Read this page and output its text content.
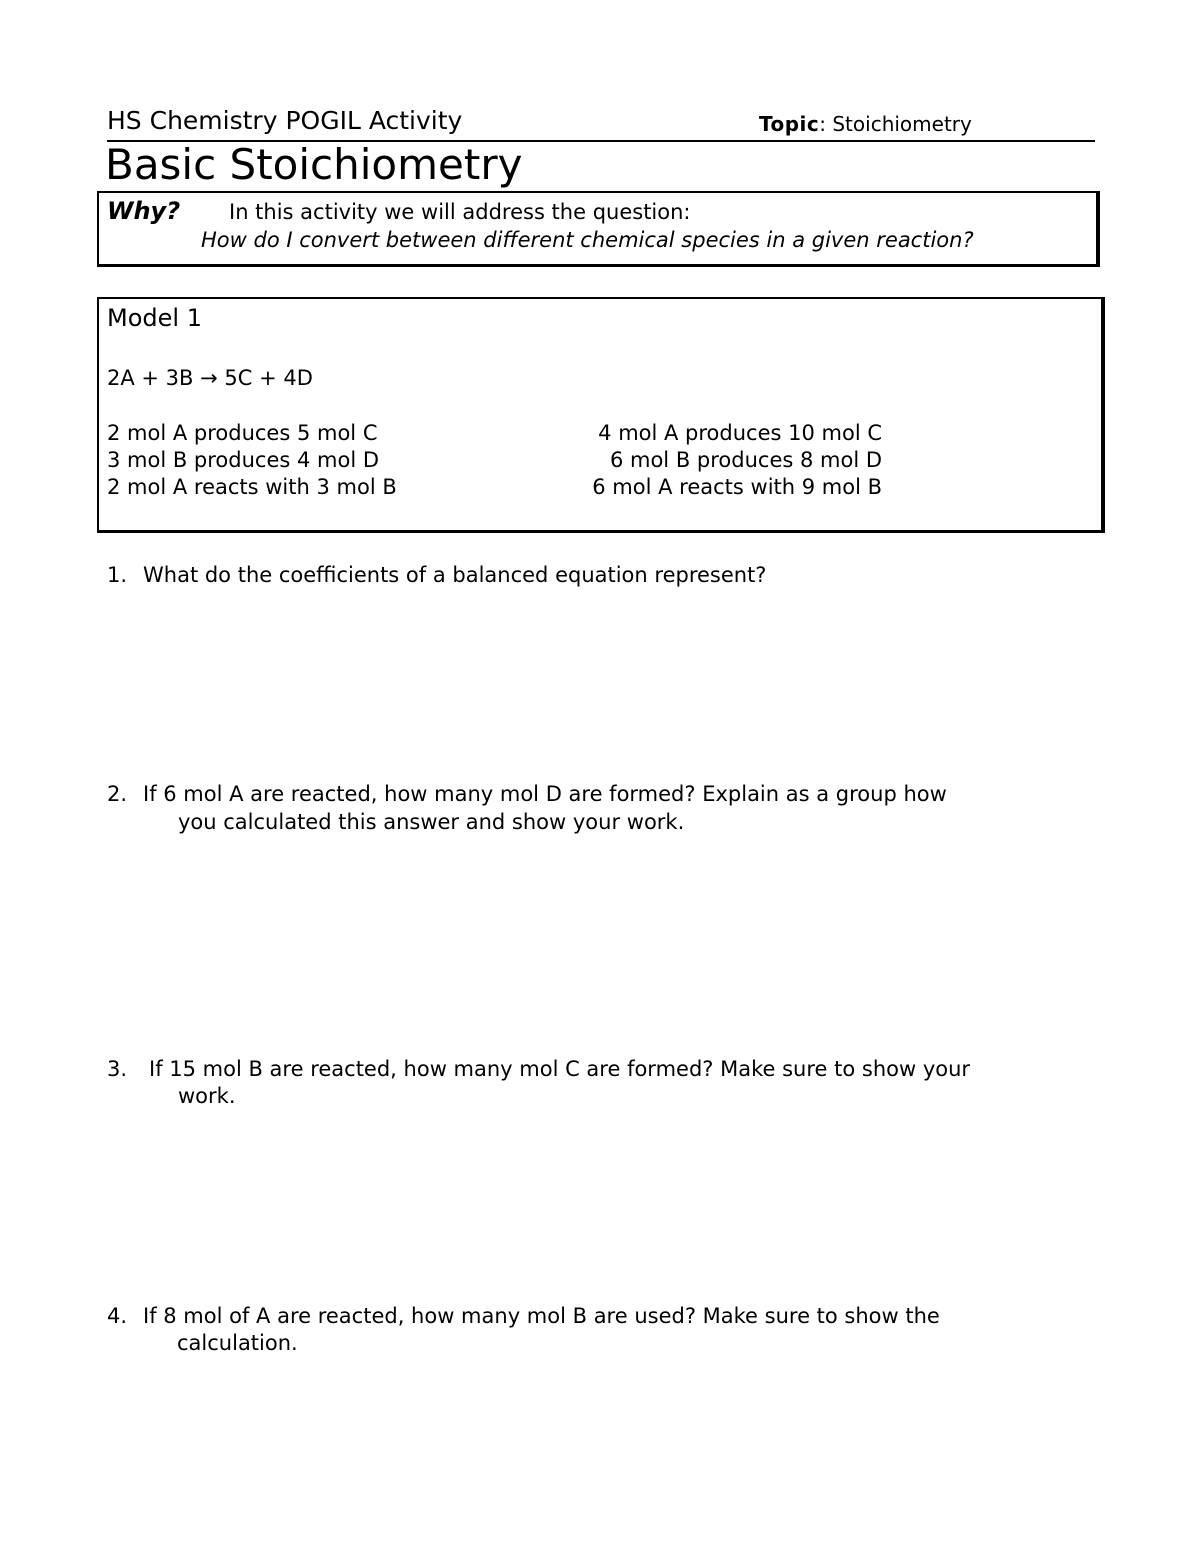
HS Chemistry POGIL Activity	Topic: Stoichiometry
Basic Stoichiometry
Why? In this activity we will address the question:
How do I convert between different chemical species in a given reaction?
Model 1
2A + 3B → 5C + 4D
2 mol A produces 5 mol C
3 mol B produces 4 mol D
2 mol A reacts with 3 mol B
4 mol A produces 10 mol C
6 mol B produces 8 mol D
6 mol A reacts with 9 mol B
1. What do the coefficients of a balanced equation represent?
2. If 6 mol A are reacted, how many mol D are formed? Explain as a group how
you calculated this answer and show your work.
3. If 15 mol B are reacted, how many mol C are formed? Make sure to show your
work.
4. If 8 mol of A are reacted, how many mol B are used? Make sure to show the
calculation.
